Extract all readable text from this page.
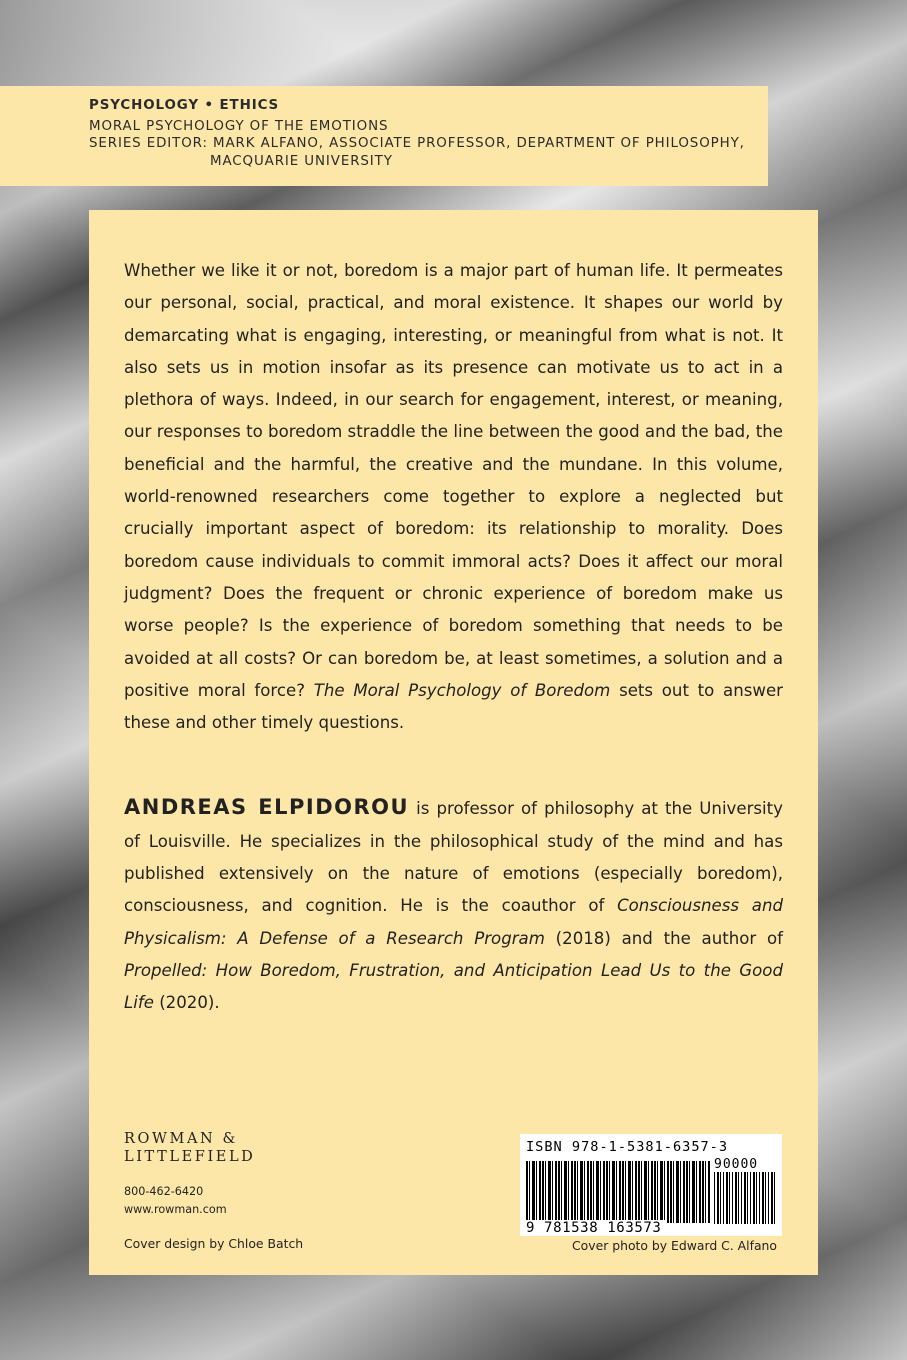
PSYCHOLOGY • ETHICS
MORAL PSYCHOLOGY OF THE EMOTIONS
SERIES EDITOR: MARK ALFANO, ASSOCIATE PROFESSOR, DEPARTMENT OF PHILOSOPHY,
MACQUARIE UNIVERSITY

Whether we like it or not, boredom is a major part of human life. It permeates our personal, social, practical, and moral existence. It shapes our world by demarcating what is engaging, interesting, or meaningful from what is not. It also sets us in motion insofar as its presence can motivate us to act in a plethora of ways. Indeed, in our search for engagement, interest, or meaning, our responses to boredom straddle the line between the good and the bad, the beneficial and the harmful, the creative and the mundane. In this volume, world-renowned researchers come together to explore a neglected but crucially important aspect of boredom: its relationship to morality. Does boredom cause individuals to commit immoral acts? Does it affect our moral judgment? Does the frequent or chronic experience of boredom make us worse people? Is the experience of boredom something that needs to be avoided at all costs? Or can boredom be, at least sometimes, a solution and a positive moral force? The Moral Psychology of Boredom sets out to answer these and other timely questions.

ANDREAS ELPIDOROU is professor of philosophy at the University of Louisville. He specializes in the philosophical study of the mind and has published extensively on the nature of emotions (especially boredom), consciousness, and cognition. He is the coauthor of Consciousness and Physicalism: A Defense of a Research Program (2018) and the author of Propelled: How Boredom, Frustration, and Anticipation Lead Us to the Good Life (2020).

ROWMAN &
LITTLEFIELD
800-462-6420
www.rowman.com
Cover design by Chloe Batch
ISBN 978-1-5381-6357-3
90000
9 781538 163573
Cover photo by Edward C. Alfano
